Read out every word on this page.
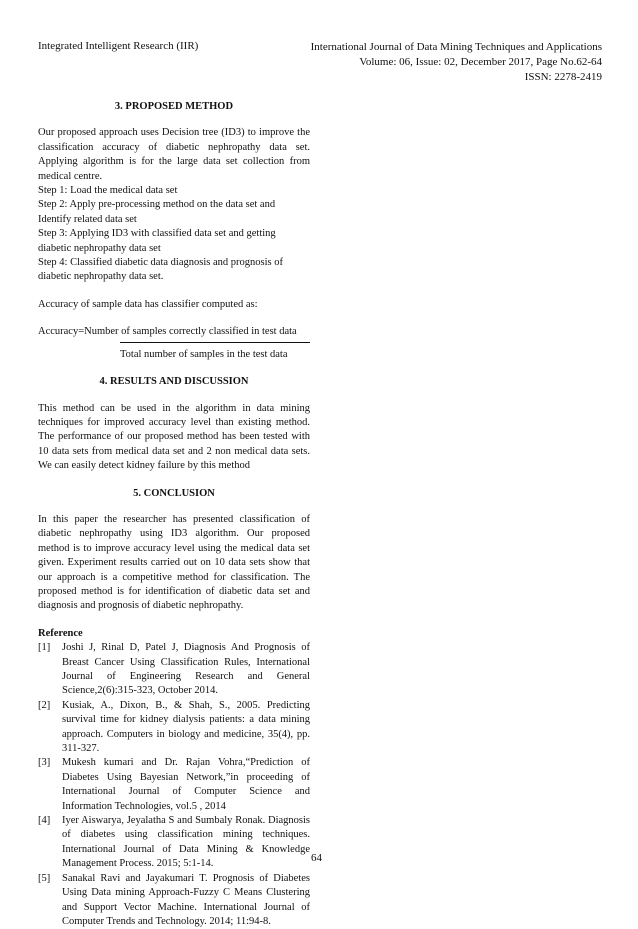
Integrated Intelligent Research (IIR)	International Journal of Data Mining Techniques and Applications
Volume: 06, Issue: 02, December 2017, Page No.62-64
ISSN: 2278-2419

3. PROPOSED METHOD

Our proposed approach uses Decision tree (ID3) to improve the classification accuracy of diabetic nephropathy data set. Applying algorithm is for the large data set collection from medical centre.

Step 1: Load the medical data set

Step 2: Apply pre-processing method on the data set and

Identify related data set

Step 3: Applying ID3 with classified data set and getting

diabetic nephropathy data set

Step 4: Classified diabetic data diagnosis and prognosis of

diabetic nephropathy data set.

Accuracy of sample data has classifier computed as:

Accuracy=Number of samples correctly classified in test data

Total number of samples in the test data

4. RESULTS AND DISCUSSION

This method can be used in the algorithm in data mining techniques for improved accuracy level than existing method. The performance of our proposed method has been tested with 10 data sets from medical data set and 2 non medical data sets. We can easily detect kidney failure by this method

5. CONCLUSION

In this paper the researcher has presented classification of diabetic nephropathy using ID3 algorithm. Our proposed method is to improve accuracy level using the medical data set given. Experiment results carried out on 10 data sets show that our approach is a competitive method for classification. The proposed method is for identification of diabetic data set and diagnosis and prognosis of diabetic nephropathy.

Reference

[1]	Joshi J, Rinal D, Patel J, Diagnosis And Prognosis of Breast Cancer Using Classification Rules, International Journal of Engineering Research and General Science,2(6):315-323, October 2014.
[2]	Kusiak, A., Dixon, B., & Shah, S., 2005. Predicting survival time for kidney dialysis patients: a data mining approach. Computers in biology and medicine, 35(4), pp. 311-327.
[3]	Mukesh kumari and Dr. Rajan Vohra,“Prediction of Diabetes Using Bayesian Network,”in proceeding of International Journal of Computer Science and Information Technologies, vol.5 , 2014
[4]	Iyer Aiswarya, Jeyalatha S and Sumbaly Ronak. Diagnosis of diabetes using classification mining techniques. International Journal of Data Mining & Knowledge Management Process. 2015; 5:1-14.
[5]	Sanakal Ravi and Jayakumari T. Prognosis of Diabetes Using Data mining Approach-Fuzzy C Means Clustering and Support Vector Machine. International Journal of Computer Trends and Technology. 2014; 11:94-8.
64
